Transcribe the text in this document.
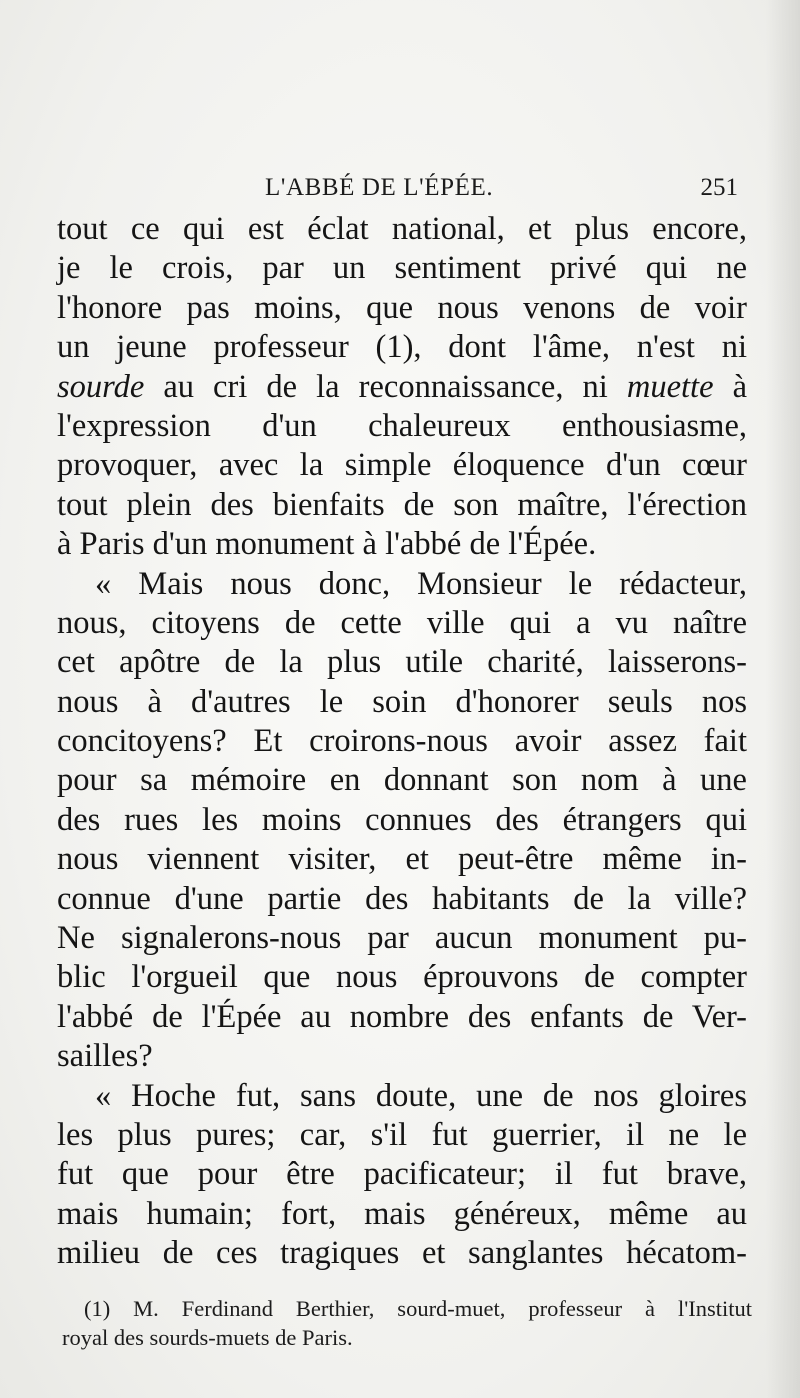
L'ABBÉ DE L'ÉPÉE.	251
tout ce qui est éclat national, et plus encore,
je le crois, par un sentiment privé qui ne
l'honore pas moins, que nous venons de voir
un jeune professeur (1), dont l'âme, n'est ni
sourde au cri de la reconnaissance, ni muette à
l'expression d'un chaleureux enthousiasme,
provoquer, avec la simple éloquence d'un cœur
tout plein des bienfaits de son maître, l'érection
à Paris d'un monument à l'abbé de l'Épée.
« Mais nous donc, Monsieur le rédacteur,
nous, citoyens de cette ville qui a vu naître
cet apôtre de la plus utile charité, laisserons-
nous à d'autres le soin d'honorer seuls nos
concitoyens? Et croirons-nous avoir assez fait
pour sa mémoire en donnant son nom à une
des rues les moins connues des étrangers qui
nous viennent visiter, et peut-être même in-
connue d'une partie des habitants de la ville?
Ne signalerons-nous par aucun monument pu-
blic l'orgueil que nous éprouvons de compter
l'abbé de l'Épée au nombre des enfants de Ver-
sailles?
« Hoche fut, sans doute, une de nos gloires
les plus pures; car, s'il fut guerrier, il ne le
fut que pour être pacificateur; il fut brave,
mais humain; fort, mais généreux, même au
milieu de ces tragiques et sanglantes hécatom-
(1) M. Ferdinand Berthier, sourd-muet, professeur à l'Institut
royal des sourds-muets de Paris.
